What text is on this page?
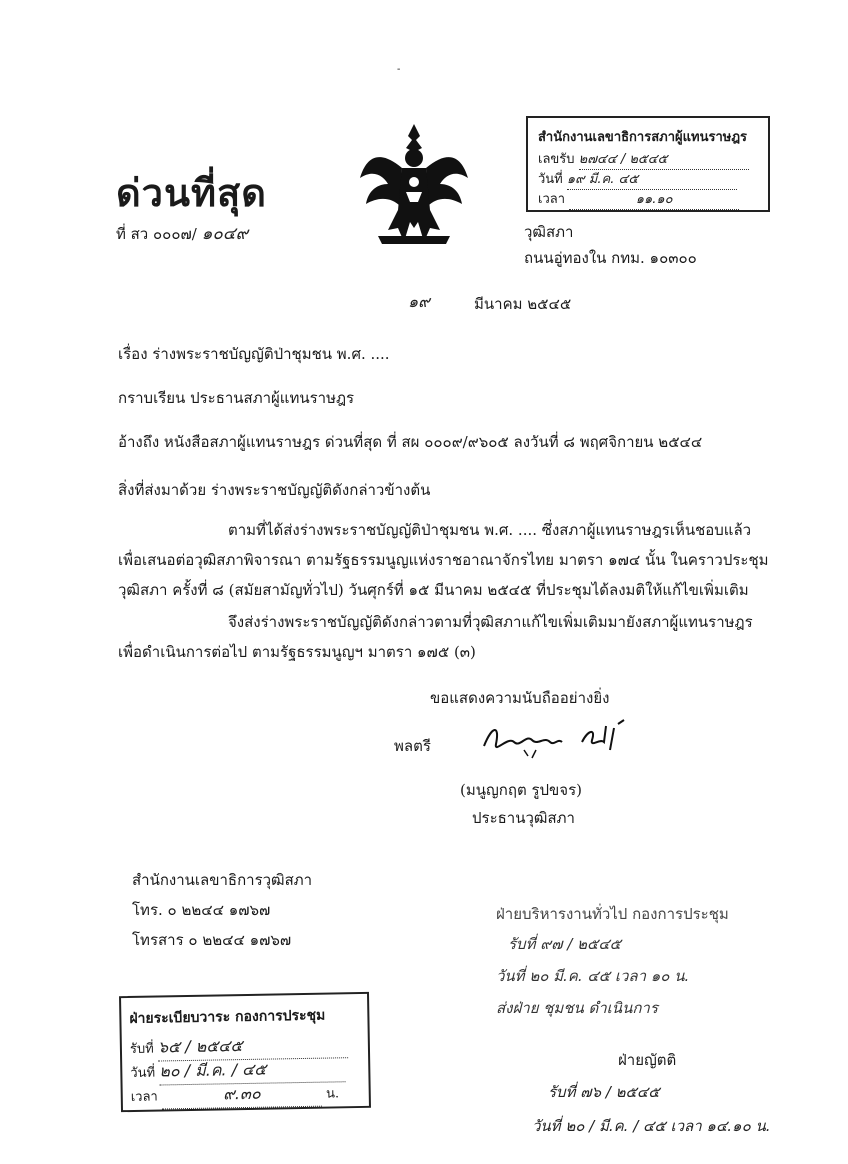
-
ด่วนที่สุด
ที่ สว ๐๐๐๗/ ๑๐๔๙
สำนักงานเลขาธิการสภาผู้แทนราษฎร
เลขรับ ๒๗๔๔ / ๒๕๔๕
วันที่ ๑๙ มี.ค. ๔๕
เวลา	๑๑.๑๐
วุฒิสภา
ถนนอู่ทองใน กทม. ๑๐๓๐๐
๑๙	มีนาคม ๒๕๔๕
เรื่อง ร่างพระราชบัญญัติป่าชุมชน พ.ศ. ....
กราบเรียน ประธานสภาผู้แทนราษฎร
อ้างถึง หนังสือสภาผู้แทนราษฎร ด่วนที่สุด ที่ สผ ๐๐๐๙/๙๖๐๕ ลงวันที่ ๘ พฤศจิกายน ๒๕๔๔
สิ่งที่ส่งมาด้วย ร่างพระราชบัญญัติดังกล่าวข้างต้น
ตามที่ได้ส่งร่างพระราชบัญญัติป่าชุมชน พ.ศ. .... ซึ่งสภาผู้แทนราษฎรเห็นชอบแล้ว
เพื่อเสนอต่อวุฒิสภาพิจารณา ตามรัฐธรรมนูญแห่งราชอาณาจักรไทย มาตรา ๑๗๔ นั้น ในคราวประชุม
วุฒิสภา ครั้งที่ ๘ (สมัยสามัญทั่วไป) วันศุกร์ที่ ๑๕ มีนาคม ๒๕๔๕ ที่ประชุมได้ลงมติให้แก้ไขเพิ่มเติม
จึงส่งร่างพระราชบัญญัติดังกล่าวตามที่วุฒิสภาแก้ไขเพิ่มเติมมายังสภาผู้แทนราษฎร
เพื่อดำเนินการต่อไป ตามรัฐธรรมนูญฯ มาตรา ๑๗๕ (๓)
ขอแสดงความนับถืออย่างยิ่ง
พลตรี
(มนูญกฤต รูปขจร)
ประธานวุฒิสภา
สำนักงานเลขาธิการวุฒิสภา
โทร. ๐ ๒๒๔๔ ๑๗๖๗
โทรสาร ๐ ๒๒๔๔ ๑๗๖๗
ฝ่ายระเบียบวาระ กองการประชุม
รับที่ ๖๕ / ๒๕๔๕
วันที่ ๒๐ / มี.ค. / ๔๕
เวลา	๙.๓๐	น.
ฝ่ายบริหารงานทั่วไป กองการประชุม
รับที่ ๙๗ / ๒๕๔๕
วันที่ ๒๐ มี.ค. ๔๕ เวลา ๑๐ น.
ส่งฝ่าย ชุมชน ดำเนินการ
ฝ่ายญัตติ
รับที่ ๗๖ / ๒๕๔๕
วันที่ ๒๐ / มี.ค. / ๔๕ เวลา ๑๔.๑๐ น.
